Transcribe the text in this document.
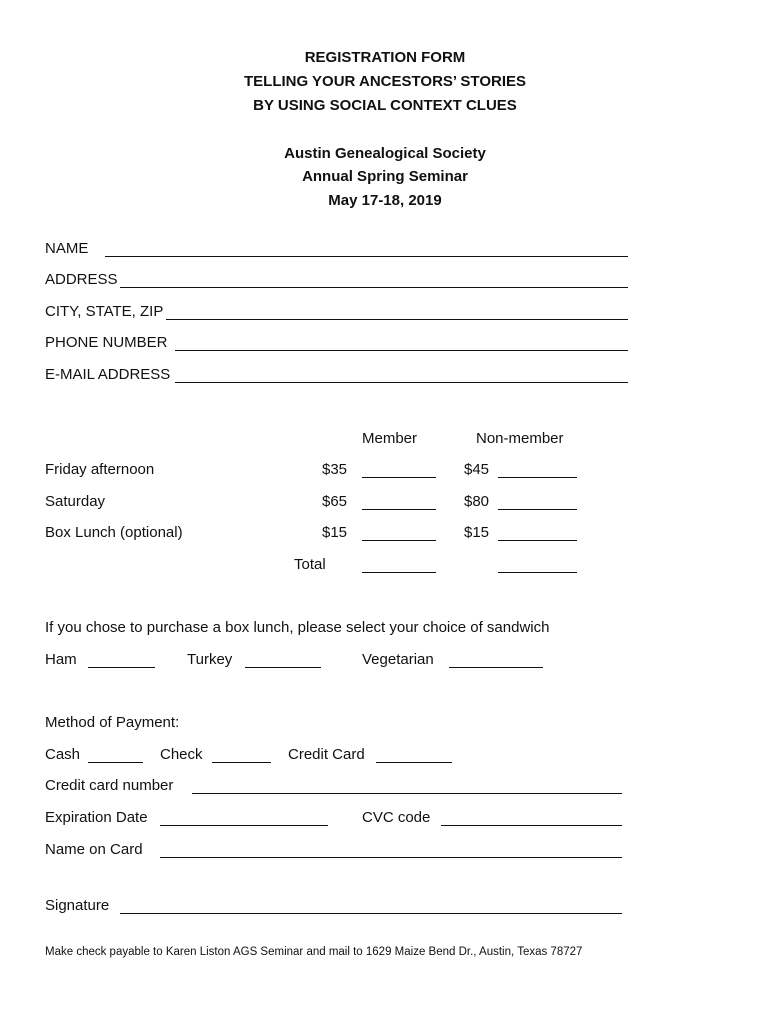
REGISTRATION FORM
TELLING YOUR ANCESTORS’ STORIES
BY USING SOCIAL CONTEXT CLUES
Austin Genealogical Society
Annual Spring Seminar
May 17-18, 2019
NAME
ADDRESS
CITY, STATE, ZIP
PHONE NUMBER
E-MAIL ADDRESS
Member	Non-member
Friday afternoon	$35	$45
Saturday	$65	$80
Box Lunch (optional)	$15	$15
Total
If you chose to purchase a box lunch, please select your choice of sandwich
Ham	Turkey	Vegetarian
Method of Payment:
Cash	Check	Credit Card
Credit card number
Expiration Date	CVC code
Name on Card
Signature
Make check payable to Karen Liston AGS Seminar and mail to 1629 Maize Bend Dr., Austin, Texas 78727
